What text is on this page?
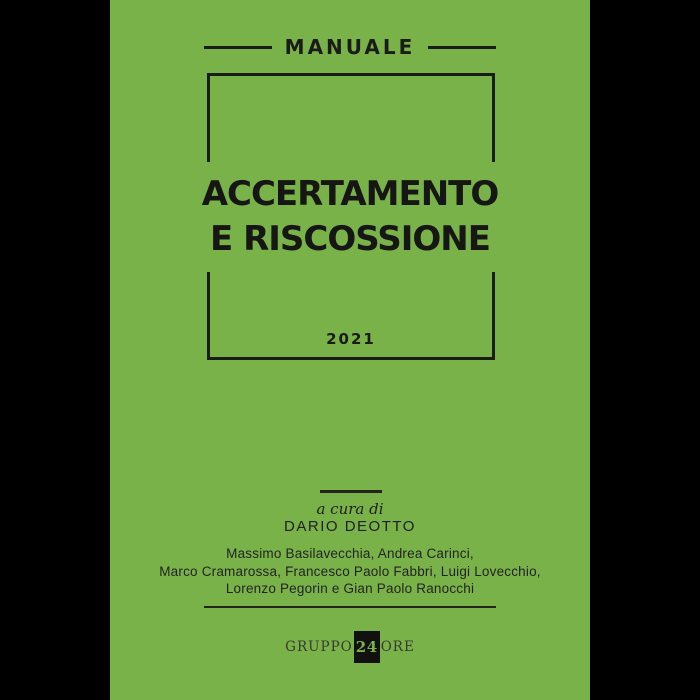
MANUALE
2021
ACCERTAMENTO
E RISCOSSIONE
a cura di
DARIO DEOTTO
Massimo Basilavecchia, Andrea Carinci,
Marco Cramarossa, Francesco Paolo Fabbri, Luigi Lovecchio,
Lorenzo Pegorin e Gian Paolo Ranocchi
GRUPPO 24 ORE
